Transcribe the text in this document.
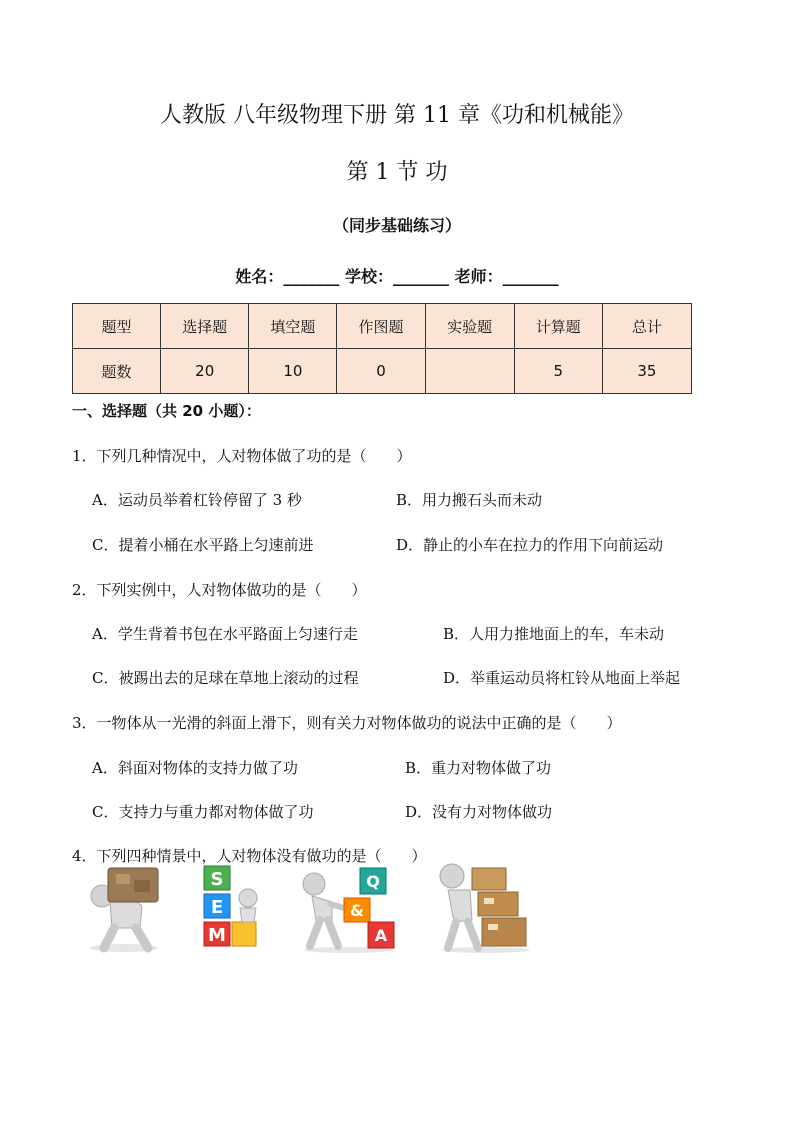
人教版 八年级物理下册 第 11 章《功和机械能》
第 1 节 功
（同步基础练习）
姓名：_______ 学校：_______ 老师：_______
题型	选择题	填空题	作图题	实验题	计算题	总计
题数	20	10	0		5	35
一、选择题（共 20 小题）：
1．下列几种情况中，人对物体做了功的是（　　）
A．运动员举着杠铃停留了 3 秒	B．用力搬石头而未动
C．提着小桶在水平路上匀速前进	D．静止的小车在拉力的作用下向前运动
2．下列实例中，人对物体做功的是（　　）
A．学生背着书包在水平路面上匀速行走	B．人用力推地面上的车，车未动
C．被踢出去的足球在草地上滚动的过程	D．举重运动员将杠铃从地面上举起
3．一物体从一光滑的斜面上滑下，则有关力对物体做功的说法中正确的是（　　）
A．斜面对物体的支持力做了功	B．重力对物体做了功
C．支持力与重力都对物体做了功	D．没有力对物体做功
4．下列四种情景中，人对物体没有做功的是（　　）
S
E
M
Q
&
A
